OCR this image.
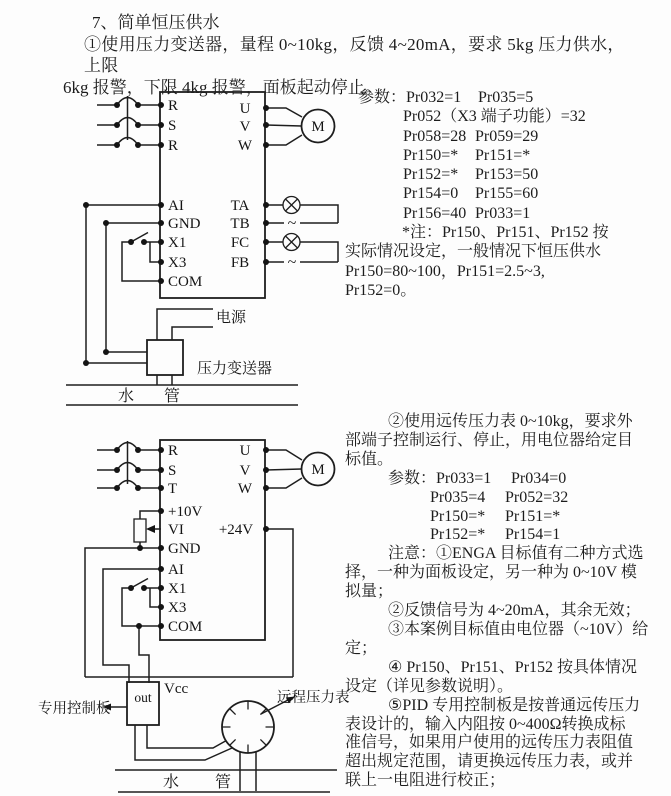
7、简单恒压供水
①使用压力变送器，量程 0~10kg，反馈 4~20mA，要求 5kg 压力供水，上限
6kg 报警，下限 4kg 报警，面板起动停止。
M
~
~
R
S
R
AI
GND
X1
X3
COM
U
V
W
TA
TB
FC
FB
电源
压力变送器
水 管
M
R
S
T
+10V
VI
GND
AI
X1
X3
COM
U
V
W
+24V
out
Vcc
专用控制板
远程压力表
水 管
参数：Pr032=1 Pr035=5
Pr052（X3 端子功能）=32
Pr058=28 Pr059=29
Pr150=* Pr151=*
Pr152=* Pr153=50
Pr154=0 Pr155=60
Pr156=40 Pr033=1
*注：Pr150、Pr151、Pr152 按
实际情况设定，一般情况下恒压供水
Pr150=80~100，Pr151=2.5~3,
Pr152=0。
②使用远传压力表 0~10kg，要求外
部端子控制运行、停止，用电位器给定目
标值。
参数：Pr033=1 Pr034=0
Pr035=4 Pr052=32
Pr150=* Pr151=*
Pr152=* Pr154=1
注意：①ENGA 目标值有二种方式选
择，一种为面板设定，另一种为 0~10V 模
拟量；
②反馈信号为 4~20mA，其余无效；
③本案例目标值由电位器（~10V）给
定；
④ Pr150、Pr151、Pr152 按具体情况
设定（详见参数说明）。
⑤PID 专用控制板是按普通远传压力
表设计的，输入内阻按 0~400Ω转换成标
准信号，如果用户使用的远传压力表阻值
超出规定范围，请更换远传压力表，或并
联上一电阻进行校正；
